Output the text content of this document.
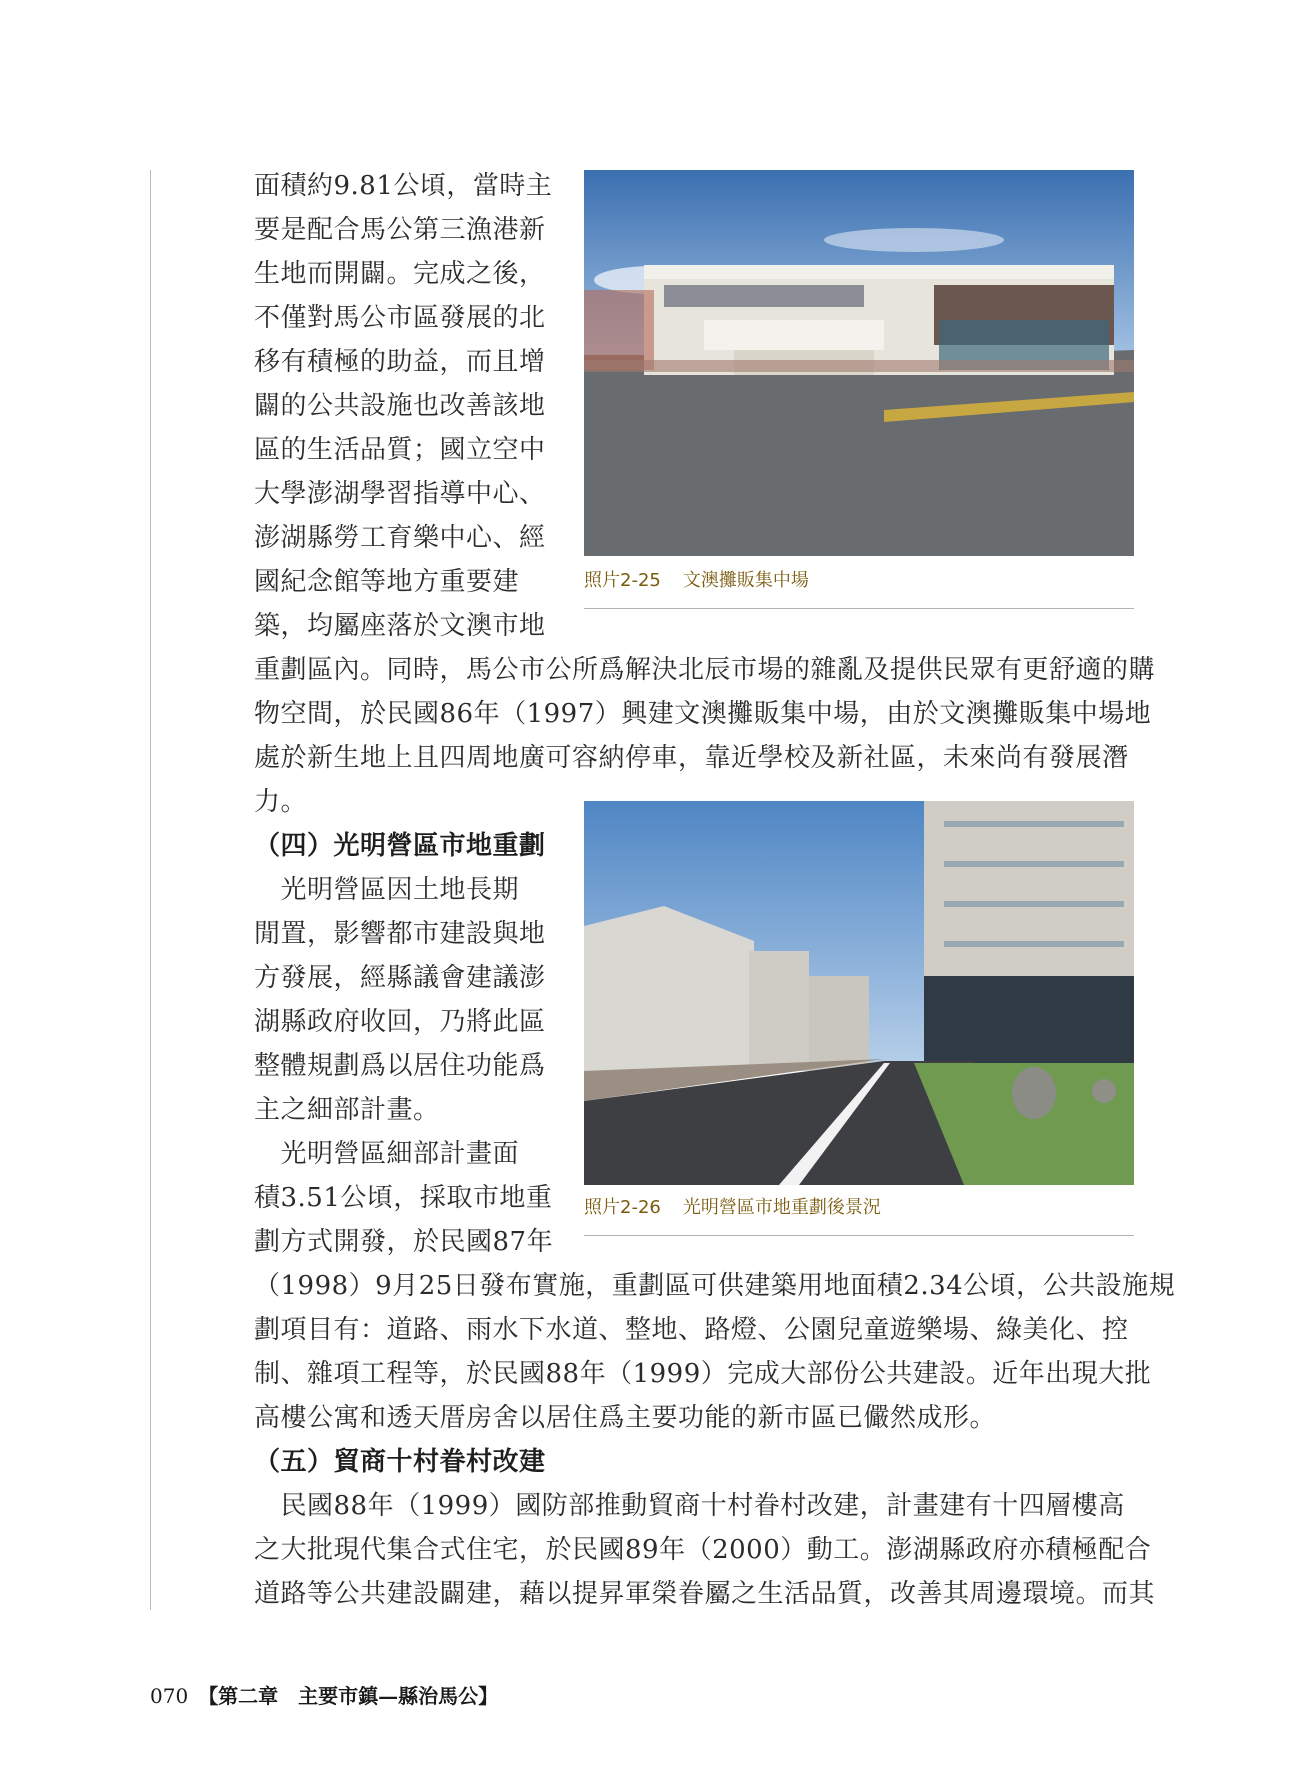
面積約9.81公頃，當時主
要是配合馬公第三漁港新
生地而開闢。完成之後，
不僅對馬公市區發展的北
移有積極的助益，而且增
闢的公共設施也改善該地
區的生活品質；國立空中
大學澎湖學習指導中心、
澎湖縣勞工育樂中心、經
國紀念館等地方重要建
築，均屬座落於文澳市地
重劃區內。同時，馬公市公所爲解決北辰市場的雜亂及提供民眾有更舒適的購
物空間，於民國86年（1997）興建文澳攤販集中場，由於文澳攤販集中場地
處於新生地上且四周地廣可容納停車，靠近學校及新社區，未來尚有發展潛
力。
（四）光明營區市地重劃
　光明營區因土地長期
閒置，影響都市建設與地
方發展，經縣議會建議澎
湖縣政府收回，乃將此區
整體規劃爲以居住功能爲
主之細部計畫。
　光明營區細部計畫面
積3.51公頃，採取市地重
劃方式開發，於民國87年
（1998）9月25日發布實施，重劃區可供建築用地面積2.34公頃，公共設施規
劃項目有：道路、雨水下水道、整地、路燈、公園兒童遊樂場、綠美化、控
制、雜項工程等，於民國88年（1999）完成大部份公共建設。近年出現大批
高樓公寓和透天厝房舍以居住爲主要功能的新市區已儼然成形。
（五）貿商十村眷村改建
　民國88年（1999）國防部推動貿商十村眷村改建，計畫建有十四層樓高
之大批現代集合式住宅，於民國89年（2000）動工。澎湖縣政府亦積極配合
道路等公共建設闢建，藉以提昇軍榮眷屬之生活品質，改善其周邊環境。而其
照片2-25 文澳攤販集中場
照片2-26 光明營區市地重劃後景況
070 【第二章　主要市鎮—縣治馬公】
